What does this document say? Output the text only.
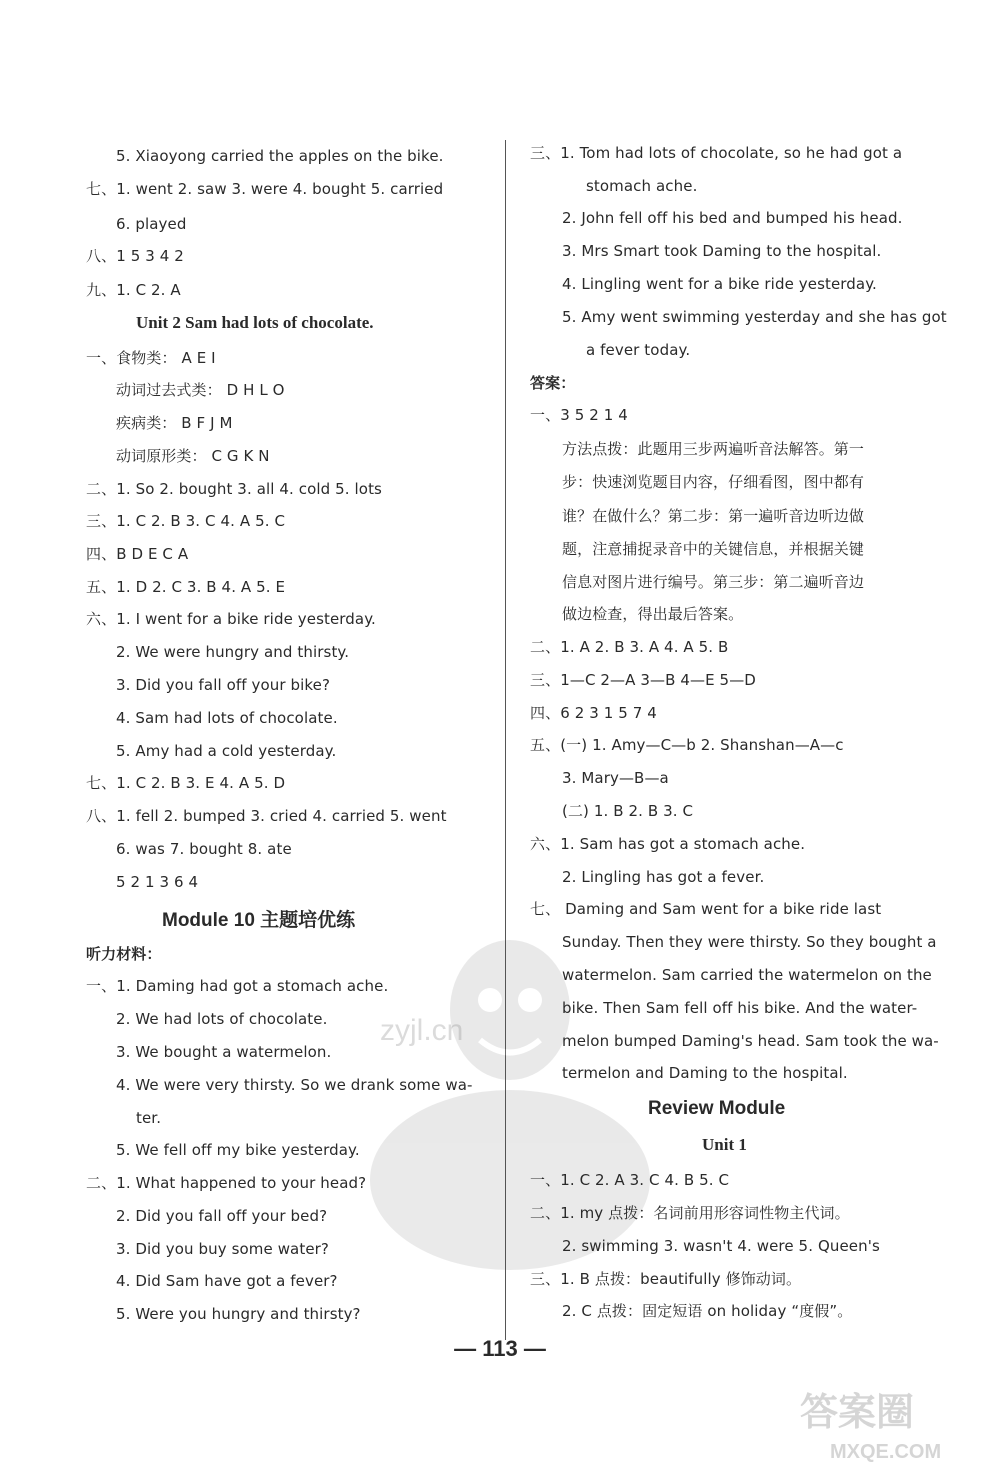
zyjl.cn
— 113 —
答案圈
MXQE.COM
5. Xiaoyong carried the apples on the bike.
七、1. went 2. saw 3. were 4. bought 5. carried
6. played
八、1 5 3 4 2
九、1. C 2. A
一、食物类： A E I
动词过去式类： D H L O
疾病类： B F J M
动词原形类： C G K N
二、1. So 2. bought 3. all 4. cold 5. lots
三、1. C 2. B 3. C 4. A 5. C
四、B D E C A
五、1. D 2. C 3. B 4. A 5. E
六、1. I went for a bike ride yesterday.
2. We were hungry and thirsty.
3. Did you fall off your bike?
4. Sam had lots of chocolate.
5. Amy had a cold yesterday.
七、1. C 2. B 3. E 4. A 5. D
八、1. fell 2. bumped 3. cried 4. carried 5. went
6. was 7. bought 8. ate
5 2 1 3 6 4
听力材料：
一、1. Daming had got a stomach ache.
2. We had lots of chocolate.
3. We bought a watermelon.
4. We were very thirsty. So we drank some wa-
ter.
5. We fell off my bike yesterday.
二、1. What happened to your head?
2. Did you fall off your bed?
3. Did you buy some water?
4. Did Sam have got a fever?
5. Were you hungry and thirsty?
Unit 2 Sam had lots of chocolate.
Module 10 主题培优练
三、1. Tom had lots of chocolate, so he had got a
stomach ache.
2. John fell off his bed and bumped his head.
3. Mrs Smart took Daming to the hospital.
4. Lingling went for a bike ride yesterday.
5. Amy went swimming yesterday and she has got
a fever today.
答案：
一、3 5 2 1 4
方法点拨：此题用三步两遍听音法解答。第一
步：快速浏览题目内容，仔细看图，图中都有
谁？在做什么？第二步：第一遍听音边听边做
题，注意捕捉录音中的关键信息，并根据关键
信息对图片进行编号。第三步：第二遍听音边
做边检查，得出最后答案。
二、1. A 2. B 3. A 4. A 5. B
三、1—C 2—A 3—B 4—E 5—D
四、6 2 3 1 5 7 4
五、(一) 1. Amy—C—b 2. Shanshan—A—c
3. Mary—B—a
(二) 1. B 2. B 3. C
六、1. Sam has got a stomach ache.
2. Lingling has got a fever.
七、 Daming and Sam went for a bike ride last
Sunday. Then they were thirsty. So they bought a
watermelon. Sam carried the watermelon on the
bike. Then Sam fell off his bike. And the water-
melon bumped Daming's head. Sam took the wa-
termelon and Daming to the hospital.
一、1. C 2. A 3. C 4. B 5. C
二、1. my 点拨：名词前用形容词性物主代词。
2. swimming 3. wasn't 4. were 5. Queen's
三、1. B 点拨：beautifully 修饰动词。
2. C 点拨：固定短语 on holiday “度假”。
Review Module
Unit 1
